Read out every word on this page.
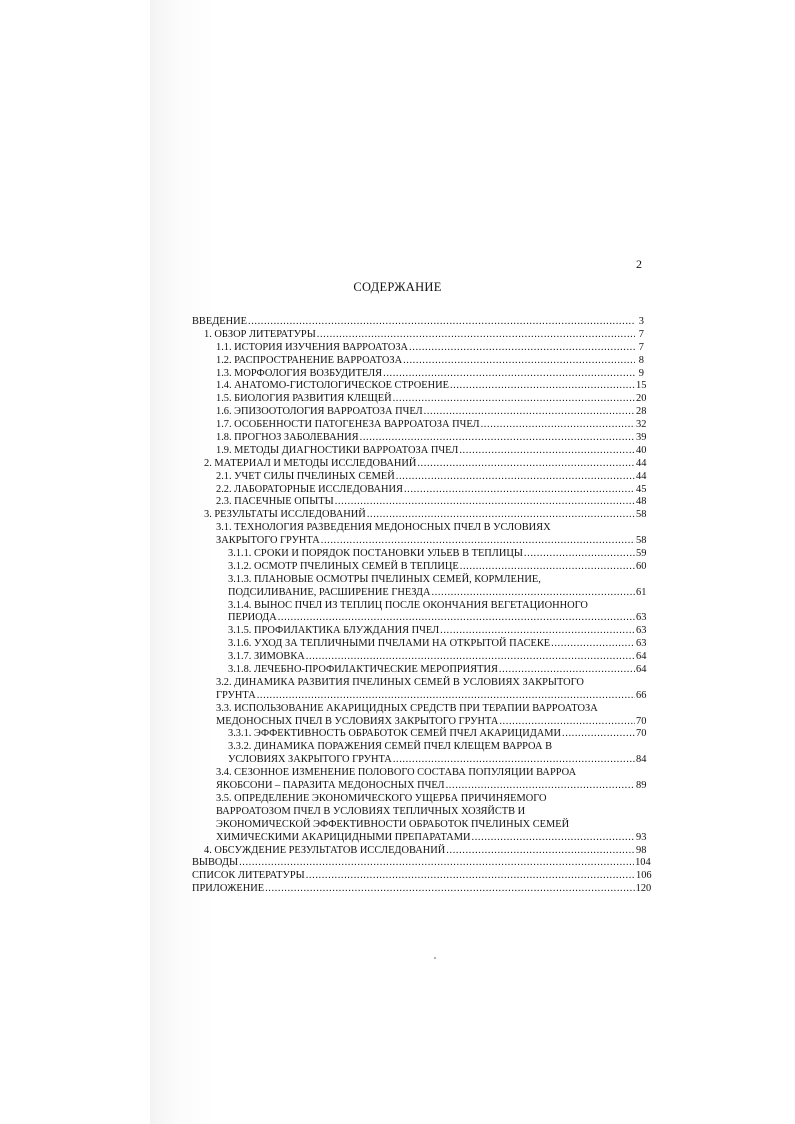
2
СОДЕРЖАНИЕ
ВВЕДЕНИЕ .....	3
1. ОБЗОР ЛИТЕРАТУРЫ .....	7
1.1. ИСТОРИЯ ИЗУЧЕНИЯ ВАРРОАТОЗА .....	7
1.2. РАСПРОСТРАНЕНИЕ ВАРРОАТОЗА .....	8
1.3. МОРФОЛОГИЯ ВОЗБУДИТЕЛЯ .....	9
1.4. АНАТОМО-ГИСТОЛОГИЧЕСКОЕ СТРОЕНИЕ .....	15
1.5. БИОЛОГИЯ РАЗВИТИЯ КЛЕЩЕЙ .....	20
1.6. ЭПИЗООТОЛОГИЯ ВАРРОАТОЗА ПЧЕЛ .....	28
1.7. ОСОБЕННОСТИ ПАТОГЕНЕЗА ВАРРОАТОЗА ПЧЕЛ .....	32
1.8. ПРОГНОЗ ЗАБОЛЕВАНИЯ .....	39
1.9. МЕТОДЫ ДИАГНОСТИКИ ВАРРОАТОЗА ПЧЕЛ .....	40
2. МАТЕРИАЛ И МЕТОДЫ ИССЛЕДОВАНИЙ .....	44
2.1. УЧЕТ СИЛЫ ПЧЕЛИНЫХ СЕМЕЙ .....	44
2.2. ЛАБОРАТОРНЫЕ ИССЛЕДОВАНИЯ .....	45
2.3. ПАСЕЧНЫЕ ОПЫТЫ .....	48
3. РЕЗУЛЬТАТЫ ИССЛЕДОВАНИЙ .....	58
3.1. ТЕХНОЛОГИЯ РАЗВЕДЕНИЯ МЕДОНОСНЫХ ПЧЕЛ В УСЛОВИЯХ
ЗАКРЫТОГО ГРУНТА .....	58
3.1.1. СРОКИ И ПОРЯДОК ПОСТАНОВКИ УЛЬЕВ В ТЕПЛИЦЫ .....	59
3.1.2. ОСМОТР ПЧЕЛИНЫХ СЕМЕЙ В ТЕПЛИЦЕ .....	60
3.1.3. ПЛАНОВЫЕ ОСМОТРЫ ПЧЕЛИНЫХ СЕМЕЙ, КОРМЛЕНИЕ,
ПОДСИЛИВАНИЕ, РАСШИРЕНИЕ ГНЕЗДА .....	61
3.1.4. ВЫНОС ПЧЕЛ ИЗ ТЕПЛИЦ ПОСЛЕ ОКОНЧАНИЯ ВЕГЕТАЦИОННОГО
ПЕРИОДА .....	63
3.1.5. ПРОФИЛАКТИКА БЛУЖДАНИЯ ПЧЕЛ .....	63
3.1.6. УХОД ЗА ТЕПЛИЧНЫМИ ПЧЕЛАМИ НА ОТКРЫТОЙ ПАСЕКЕ .....	63
3.1.7. ЗИМОВКА .....	64
3.1.8. ЛЕЧЕБНО-ПРОФИЛАКТИЧЕСКИЕ МЕРОПРИЯТИЯ .....	64
3.2. ДИНАМИКА РАЗВИТИЯ ПЧЕЛИНЫХ СЕМЕЙ В УСЛОВИЯХ ЗАКРЫТОГО
ГРУНТА .....	66
3.3. ИСПОЛЬЗОВАНИЕ АКАРИЦИДНЫХ СРЕДСТВ ПРИ ТЕРАПИИ ВАРРОАТОЗА
МЕДОНОСНЫХ ПЧЕЛ В УСЛОВИЯХ ЗАКРЫТОГО ГРУНТА .....	70
3.3.1. ЭФФЕКТИВНОСТЬ ОБРАБОТОК СЕМЕЙ ПЧЕЛ АКАРИЦИДАМИ .....	70
3.3.2. ДИНАМИКА ПОРАЖЕНИЯ СЕМЕЙ ПЧЕЛ КЛЕЩЕМ ВАРРОА В
УСЛОВИЯХ ЗАКРЫТОГО ГРУНТА .....	84
3.4. СЕЗОННОЕ ИЗМЕНЕНИЕ ПОЛОВОГО СОСТАВА ПОПУЛЯЦИИ ВАРРОА
ЯКОБСОНИ – ПАРАЗИТА МЕДОНОСНЫХ ПЧЕЛ .....	89
3.5. ОПРЕДЕЛЕНИЕ ЭКОНОМИЧЕСКОГО УЩЕРБА ПРИЧИНЯЕМОГО
ВАРРОАТОЗОМ ПЧЕЛ В УСЛОВИЯХ ТЕПЛИЧНЫХ ХОЗЯЙСТВ И
ЭКОНОМИЧЕСКОЙ ЭФФЕКТИВНОСТИ ОБРАБОТОК ПЧЕЛИНЫХ СЕМЕЙ
ХИМИЧЕСКИМИ АКАРИЦИДНЫМИ ПРЕПАРАТАМИ .....	93
4. ОБСУЖДЕНИЕ РЕЗУЛЬТАТОВ ИССЛЕДОВАНИЙ .....	98
ВЫВОДЫ .....	104
СПИСОК ЛИТЕРАТУРЫ .....	106
ПРИЛОЖЕНИЕ .....	120
